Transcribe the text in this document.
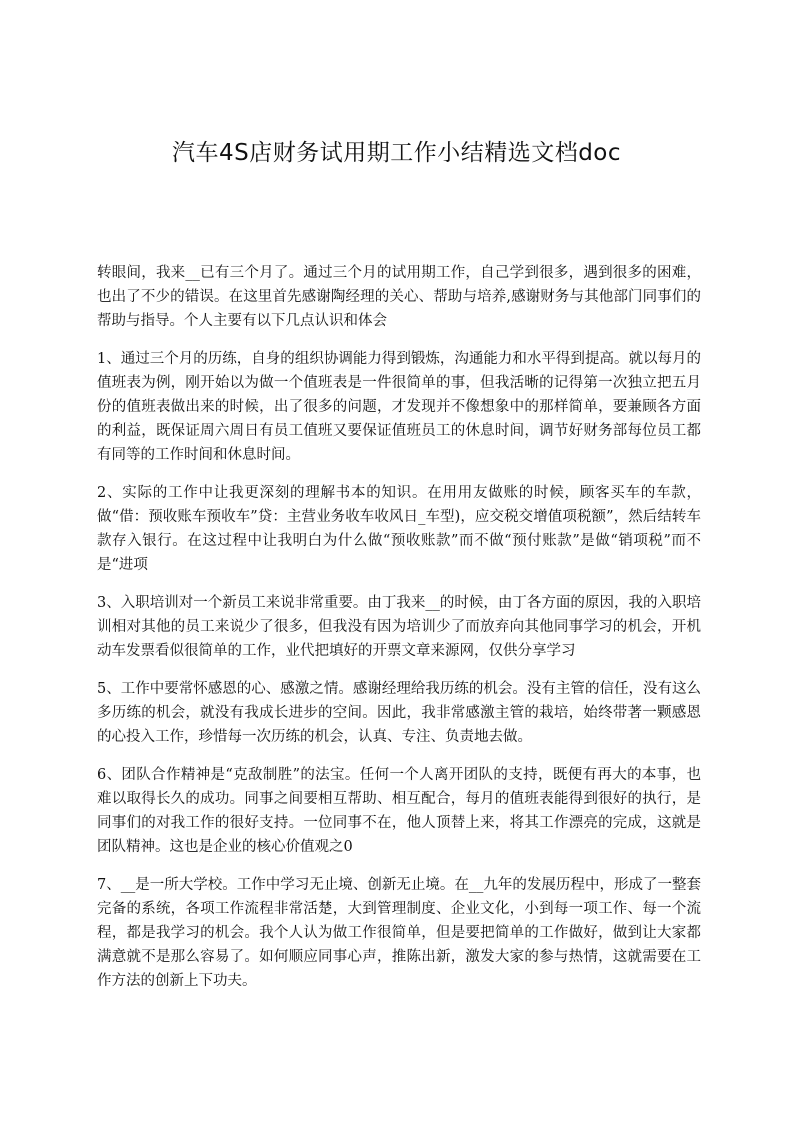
汽车4S店财务试用期工作小结精选文档doc

转眼间，我来__已有三个月了。通过三个月的试用期工作，自己学到很多，遇到很多的困难，也出了不少的错误。在这里首先感谢陶经理的关心、帮助与培养,感谢财务与其他部门同事们的帮助与指导。个人主要有以下几点认识和体会

1、通过三个月的历练，自身的组织协调能力得到锻炼，沟通能力和水平得到提高。就以每月的值班表为例，刚开始以为做一个值班表是一件很简单的事，但我活晰的记得第一次独立把五月份的值班表做出来的时候，出了很多的问题，才发现并不像想象中的那样简单，要兼顾各方面的利益，既保证周六周日有员工值班又要保证值班员工的休息时间，调节好财务部每位员工都有同等的工作时间和休息时间。

2、实际的工作中让我更深刻的理解书本的知识。在用用友做账的时候，顾客买车的车款，做“借：预收账车预收车”贷：主营业务收车收风日_车型)，应交税交增值项税额”，然后结转车款存入银行。在这过程中让我明白为什么做“预收账款”而不做“预付账款”是做“销项税”而不是“进项

3、入职培训对一个新员工来说非常重要。由丁我来__的时候，由丁各方面的原因，我的入职培训相对其他的员工来说少了很多，但我没有因为培训少了而放弃向其他同事学习的机会，开机动车发票看似很简单的工作，业代把填好的开票文章来源网，仅供分享学习

5、工作中要常怀感恩的心、感激之情。感谢经理给我历练的机会。没有主管的信任，没有这么多历练的机会，就没有我成长进步的空间。因此，我非常感激主管的栽培，始终带著一颗感恩的心投入工作，珍惜每一次历练的机会，认真、专注、负责地去做。

6、团队合作精神是“克敌制胜”的法宝。任何一个人离开团队的支持，既便有再大的本事，也难以取得长久的成功。同事之间要相互帮助、相互配合，每月的值班表能得到很好的执行，是同事们的对我工作的很好支持。一位同事不在，他人顶替上来，将其工作漂亮的完成，这就是团队精神。这也是企业的核心价值观之0

7、__是一所大学校。工作中学习无止境、创新无止境。在__九年的发展历程中，形成了一整套完备的系统，各项工作流程非常活楚，大到管理制度、企业文化，小到每一项工作、每一个流程，都是我学习的机会。我个人认为做工作很简单，但是要把简单的工作做好，做到让大家都满意就不是那么容易了。如何顺应同事心声，推陈出新，激发大家的参与热情，这就需要在工作方法的创新上下功夫。
